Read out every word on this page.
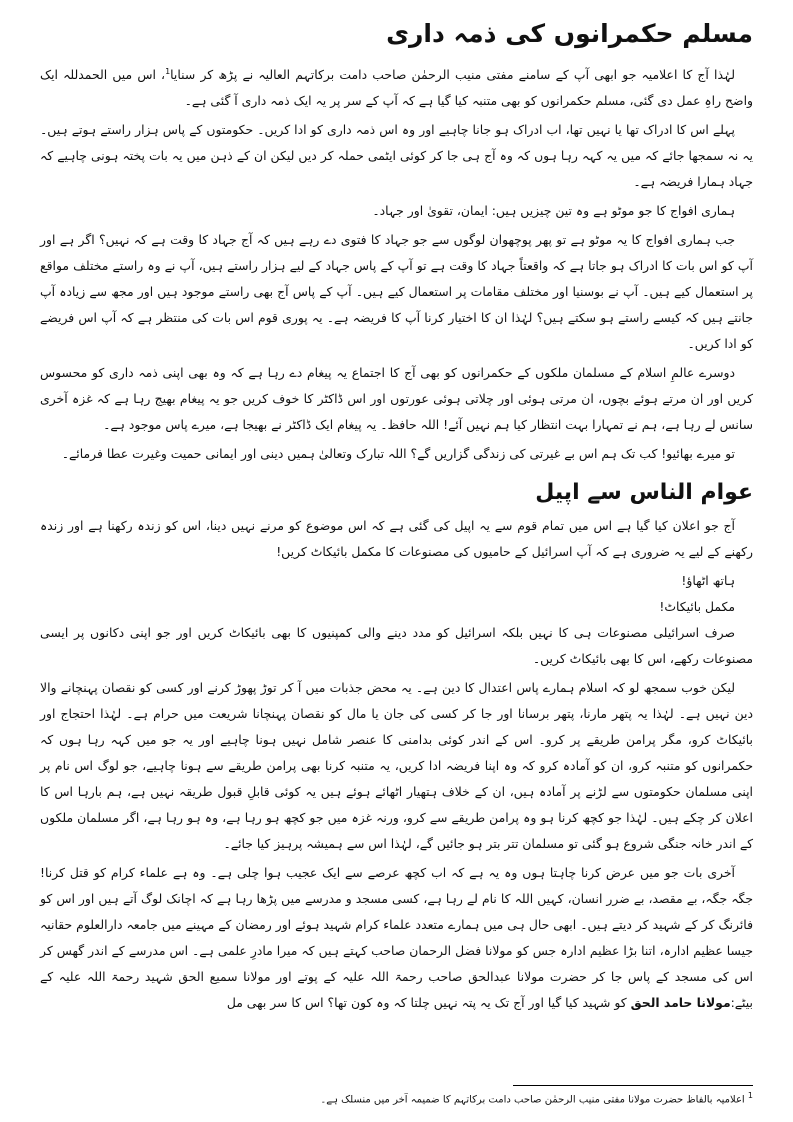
مسلم حکمرانوں کی ذمہ داری

لہٰذا آج کا اعلامیہ جو ابھی آپ کے سامنے مفتی منیب الرحمٰن صاحب دامت برکاتہم العالیہ نے پڑھ کر سنایا$^1$، اس میں الحمدللہ ایک واضح راہِ عمل دی گئی، مسلم حکمرانوں کو بھی متنبہ کیا گیا ہے کہ آپ کے سر پر یہ ایک ذمہ داری آ گئی ہے۔

پہلے اس کا ادراک تھا یا نہیں تھا، اب ادراک ہو جانا چاہیے اور وہ اس ذمہ داری کو ادا کریں۔ حکومتوں کے پاس ہزار راستے ہوتے ہیں۔ یہ نہ سمجھا جائے کہ میں یہ کہہ رہا ہوں کہ وہ آج ہی جا کر کوئی ایٹمی حملہ کر دیں لیکن ان کے ذہن میں یہ بات پختہ ہونی چاہیے کہ جہاد ہمارا فریضہ ہے۔

ہماری افواج کا جو موٹو ہے وہ تین چیزیں ہیں: ایمان، تقویٰ اور جہاد۔

جب ہماری افواج کا یہ موٹو ہے تو پھر پوچھوان لوگوں سے جو جہاد کا فتوی دے رہے ہیں کہ آج جہاد کا وقت ہے کہ نہیں؟ اگر ہے اور آپ کو اس بات کا ادراک ہو جاتا ہے کہ واقعتاً جہاد کا وقت ہے تو آپ کے پاس جہاد کے لیے ہزار راستے ہیں، آپ نے وہ راستے مختلف مواقع پر استعمال کیے ہیں۔ آپ نے بوسنیا اور مختلف مقامات پر استعمال کیے ہیں۔ آپ کے پاس آج بھی راستے موجود ہیں اور مجھ سے زیادہ آپ جانتے ہیں کہ کیسے راستے ہو سکتے ہیں؟ لہٰذا ان کا اختیار کرنا آپ کا فریضہ ہے۔ یہ پوری قوم اس بات کی منتظر ہے کہ آپ اس فریضے کو ادا کریں۔

دوسرے عالمِ اسلام کے مسلمان ملکوں کے حکمرانوں کو بھی آج کا اجتماع یہ پیغام دے رہا ہے کہ وہ بھی اپنی ذمہ داری کو محسوس کریں اور ان مرتے ہوئے بچوں، ان مرتی ہوئی اور چلاتی ہوئی عورتوں اور اس ڈاکٹر کا خوف کریں جو یہ پیغام بھیج رہا ہے کہ غزہ آخری سانس لے رہا ہے، ہم نے تمہارا بہت انتظار کیا ہم نہیں آئے! اللہ حافظ۔ یہ پیغام ایک ڈاکٹر نے بھیجا ہے، میرے پاس موجود ہے۔

تو میرے بھائیو! کب تک ہم اس بے غیرتی کی زندگی گزاریں گے؟ اللہ تبارک وتعالیٰ ہمیں دینی اور ایمانی حمیت وغیرت عطا فرمائے۔

عوام الناس سے اپیل

آج جو اعلان کیا گیا ہے اس میں تمام قوم سے یہ اپیل کی گئی ہے کہ اس موضوع کو مرنے نہیں دینا، اس کو زندہ رکھنا ہے اور زندہ رکھنے کے لیے یہ ضروری ہے کہ آپ اسرائیل کے حامیوں کی مصنوعات کا مکمل بائیکاٹ کریں!

ہاتھ اٹھاؤ!

مکمل بائیکاٹ!

صرف اسرائیلی مصنوعات ہی کا نہیں بلکہ اسرائیل کو مدد دینے والی کمپنیوں کا بھی بائیکاٹ کریں اور جو اپنی دکانوں پر ایسی مصنوعات رکھے، اس کا بھی بائیکاٹ کریں۔

لیکن خوب سمجھ لو کہ اسلام ہمارے پاس اعتدال کا دین ہے۔ یہ محض جذبات میں آ کر توڑ پھوڑ کرنے اور کسی کو نقصان پہنچانے والا دین نہیں ہے۔ لہٰذا یہ پتھر مارنا، پتھر برسانا اور جا کر کسی کی جان یا مال کو نقصان پہنچانا شریعت میں حرام ہے۔ لہٰذا احتجاج اور بائیکاٹ کرو، مگر پرامن طریقے پر کرو۔ اس کے اندر کوئی بدامنی کا عنصر شامل نہیں ہونا چاہیے اور یہ جو میں کہہ رہا ہوں کہ حکمرانوں کو متنبہ کرو، ان کو آمادہ کرو کہ وہ اپنا فریضہ ادا کریں، یہ متنبہ کرنا بھی پرامن طریقے سے ہونا چاہیے، جو لوگ اس نام پر اپنی مسلمان حکومتوں سے لڑنے پر آمادہ ہیں، ان کے خلاف ہتھیار اٹھائے ہوئے ہیں یہ کوئی قابلِ قبول طریقہ نہیں ہے، ہم بارہا اس کا اعلان کر چکے ہیں۔ لہٰذا جو کچھ کرنا ہو وہ پرامن طریقے سے کرو، ورنہ غزہ میں جو کچھ ہو رہا ہے، وہ ہو رہا ہے، اگر مسلمان ملکوں کے اندر خانہ جنگی شروع ہو گئی تو مسلمان تتر بتر ہو جائیں گے، لہٰذا اس سے ہمیشہ پرہیز کیا جائے۔

آخری بات جو میں عرض کرنا چاہتا ہوں وہ یہ ہے کہ اب کچھ عرصے سے ایک عجیب ہوا چلی ہے۔ وہ ہے علماء کرام کو قتل کرنا! جگہ جگہ، بے مقصد، بے ضرر انسان، کہیں اللہ کا نام لے رہا ہے، کسی مسجد و مدرسے میں پڑھا رہا ہے کہ اچانک لوگ آتے ہیں اور اس کو فائرنگ کر کے شہید کر دیتے ہیں۔ ابھی حال ہی میں ہمارے متعدد علماء کرام شہید ہوئے اور رمضان کے مہینے میں جامعہ دارالعلوم حقانیہ جیسا عظیم ادارہ، اتنا بڑا عظیم ادارہ جس کو مولانا فضل الرحمان صاحب کہتے ہیں کہ میرا مادرِ علمی ہے۔ اس مدرسے کے اندر گھس کر اس کی مسجد کے پاس جا کر حضرت مولانا عبدالحق صاحب رحمۃ اللہ علیہ کے پوتے اور مولانا سمیع الحق شہید رحمۃ اللہ علیہ کے بیٹے:مولانا حامد الحق کو شہید کیا گیا اور آج تک یہ پتہ نہیں چلتا کہ وہ کون تھا؟ اس کا سر بھی مل

$^1$ اعلامیہ بالفاظ حضرت مولانا مفتی منیب الرحمٰن صاحب دامت برکاتہم کا ضمیمہ آخر میں منسلک ہے۔
